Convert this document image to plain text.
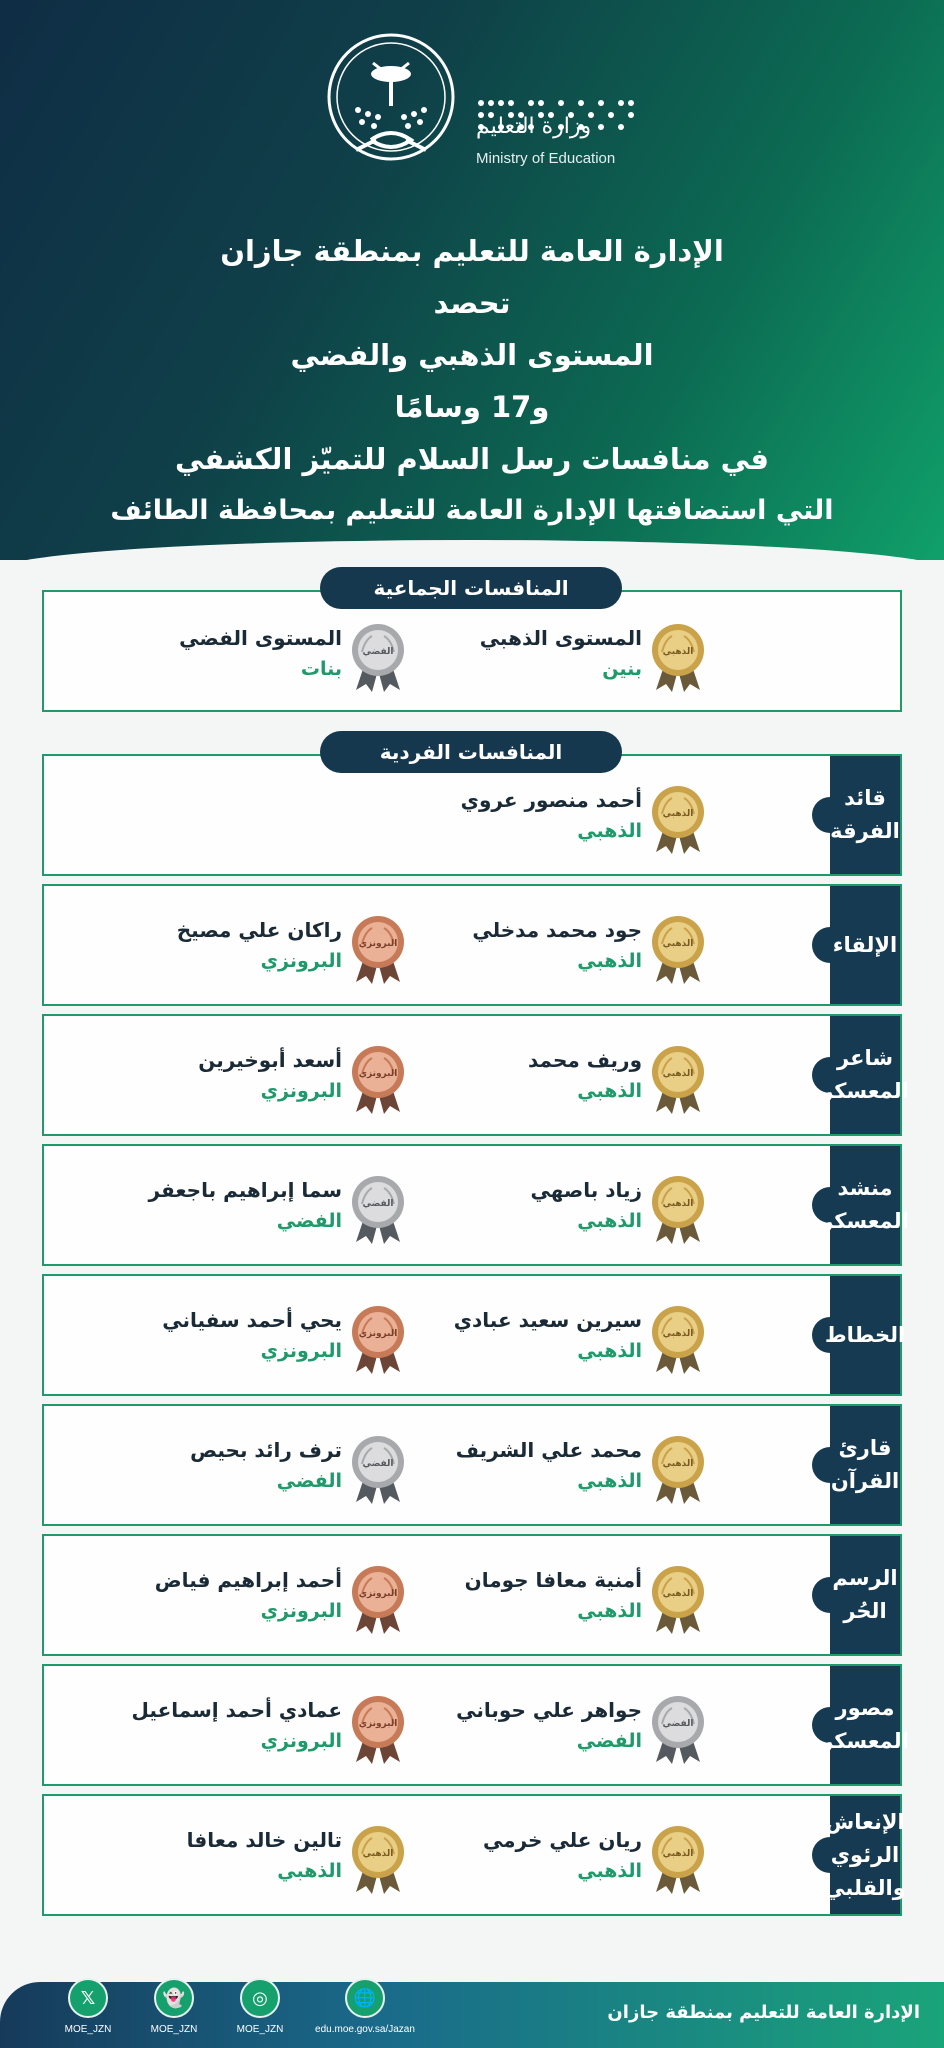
وزارة التعليم
Ministry of Education
الإدارة العامة للتعليم بمنطقة جازان
تحصد
المستوى الذهبي والفضي
و17 وسامًا
في منافسات رسل السلام للتميّز الكشفي
التي استضافتها الإدارة العامة للتعليم بمحافظة الطائف
الذهبي
المستوى الذهبي
بنين
الفضي
المستوى الفضي
بنات
المنافسات الجماعية
قائد
الفرقة
الذهبي
أحمد منصور عروي
الذهبي
الإلقاء
الذهبي
جود محمد مدخلي
الذهبي
البرونزي
راكان علي مصيخ
البرونزي
شاعر
المعسكر
الذهبي
وريف محمد
الذهبي
البرونزي
أسعد أبوخيرين
البرونزي
منشد
المعسكر
الذهبي
زياد باصهي
الذهبي
الفضي
سما إبراهيم باجعفر
الفضي
الخطاط
الذهبي
سيرين سعيد عبادي
الذهبي
البرونزي
يحي أحمد سفياني
البرونزي
قارئ
القرآن
الذهبي
محمد علي الشريف
الذهبي
الفضي
ترف رائد بحيص
الفضي
الرسم
الحُر
الذهبي
أمنية معافا جومان
الذهبي
البرونزي
أحمد إبراهيم فياض
البرونزي
مصور
المعسكر
الفضي
جواهر علي حوباني
الفضي
البرونزي
عمادي أحمد إسماعيل
البرونزي
الإنعاش
الرئوي
والقلبي
الذهبي
ريان علي خرمي
الذهبي
الذهبي
تالين خالد معافا
الذهبي
المنافسات الفردية
الإدارة العامة للتعليم بمنطقة جازان
𝕏
MOE_JZN
👻
MOE_JZN
◎
MOE_JZN
🌐
edu.moe.gov.sa/Jazan
